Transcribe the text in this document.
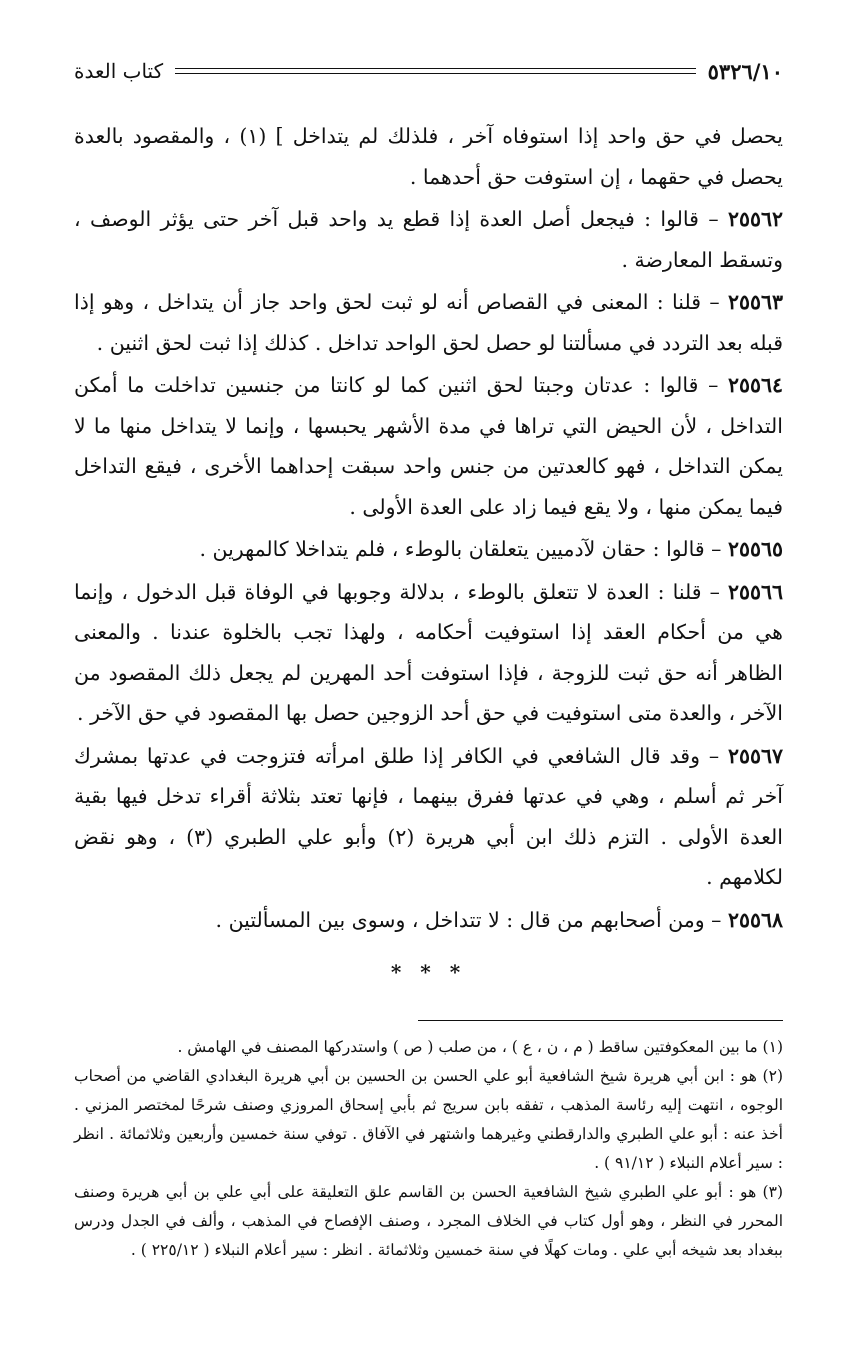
٥٣٢٦/١٠
كتاب العدة

يحصل في حق واحد إذا استوفاه آخر ، فلذلك لم يتداخل ] (١) ، والمقصود بالعدة يحصل في حقهما ، إن استوفت حق أحدهما .

٢٥٥٦٢ – قالوا : فيجعل أصل العدة إذا قطع يد واحد قبل آخر حتى يؤثر الوصف ، وتسقط المعارضة .

٢٥٥٦٣ – قلنا : المعنى في القصاص أنه لو ثبت لحق واحد جاز أن يتداخل ، وهو إذا قبله بعد التردد في مسألتنا لو حصل لحق الواحد تداخل . كذلك إذا ثبت لحق اثنين .

٢٥٥٦٤ – قالوا : عدتان وجبتا لحق اثنين كما لو كانتا من جنسين تداخلت ما أمكن التداخل ، لأن الحيض التي تراها في مدة الأشهر يحبسها ، وإنما لا يتداخل منها ما لا يمكن التداخل ، فهو كالعدتين من جنس واحد سبقت إحداهما الأخرى ، فيقع التداخل فيما يمكن منها ، ولا يقع فيما زاد على العدة الأولى .

٢٥٥٦٥ – قالوا : حقان لآدميين يتعلقان بالوطء ، فلم يتداخلا كالمهرين .

٢٥٥٦٦ – قلنا : العدة لا تتعلق بالوطء ، بدلالة وجوبها في الوفاة قبل الدخول ، وإنما هي من أحكام العقد إذا استوفيت أحكامه ، ولهذا تجب بالخلوة عندنا . والمعنى الظاهر أنه حق ثبت للزوجة ، فإذا استوفت أحد المهرين لم يجعل ذلك المقصود من الآخر ، والعدة متى استوفيت في حق أحد الزوجين حصل بها المقصود في حق الآخر .

٢٥٥٦٧ – وقد قال الشافعي في الكافر إذا طلق امرأته فتزوجت في عدتها بمشرك آخر ثم أسلم ، وهي في عدتها ففرق بينهما ، فإنها تعتد بثلاثة أقراء تدخل فيها بقية العدة الأولى . التزم ذلك ابن أبي هريرة (٢) وأبو علي الطبري (٣) ، وهو نقض لكلامهم .

٢٥٥٦٨ – ومن أصحابهم من قال : لا تتداخل ، وسوى بين المسألتين .

* * *

(١) ما بين المعكوفتين ساقط ( م ، ن ، ع ) ، من صلب ( ص ) واستدركها المصنف في الهامش .

(٢) هو : ابن أبي هريرة شيخ الشافعية أبو علي الحسن بن الحسين بن أبي هريرة البغدادي القاضي من أصحاب الوجوه ، انتهت إليه رئاسة المذهب ، تفقه بابن سريج ثم بأبي إسحاق المروزي وصنف شرحًا لمختصر المزني . أخذ عنه : أبو علي الطبري والدارقطني وغيرهما واشتهر في الآفاق . توفي سنة خمسين وأربعين وثلاثمائة . انظر : سير أعلام النبلاء ( ٩١/١٢ ) .

(٣) هو : أبو علي الطبري شيخ الشافعية الحسن بن القاسم علق التعليقة على أبي علي بن أبي هريرة وصنف المحرر في النظر ، وهو أول كتاب في الخلاف المجرد ، وصنف الإفصاح في المذهب ، وألف في الجدل ودرس ببغداد بعد شيخه أبي علي . ومات كهلًا في سنة خمسين وثلاثمائة . انظر : سير أعلام النبلاء ( ٢٢٥/١٢ ) .
